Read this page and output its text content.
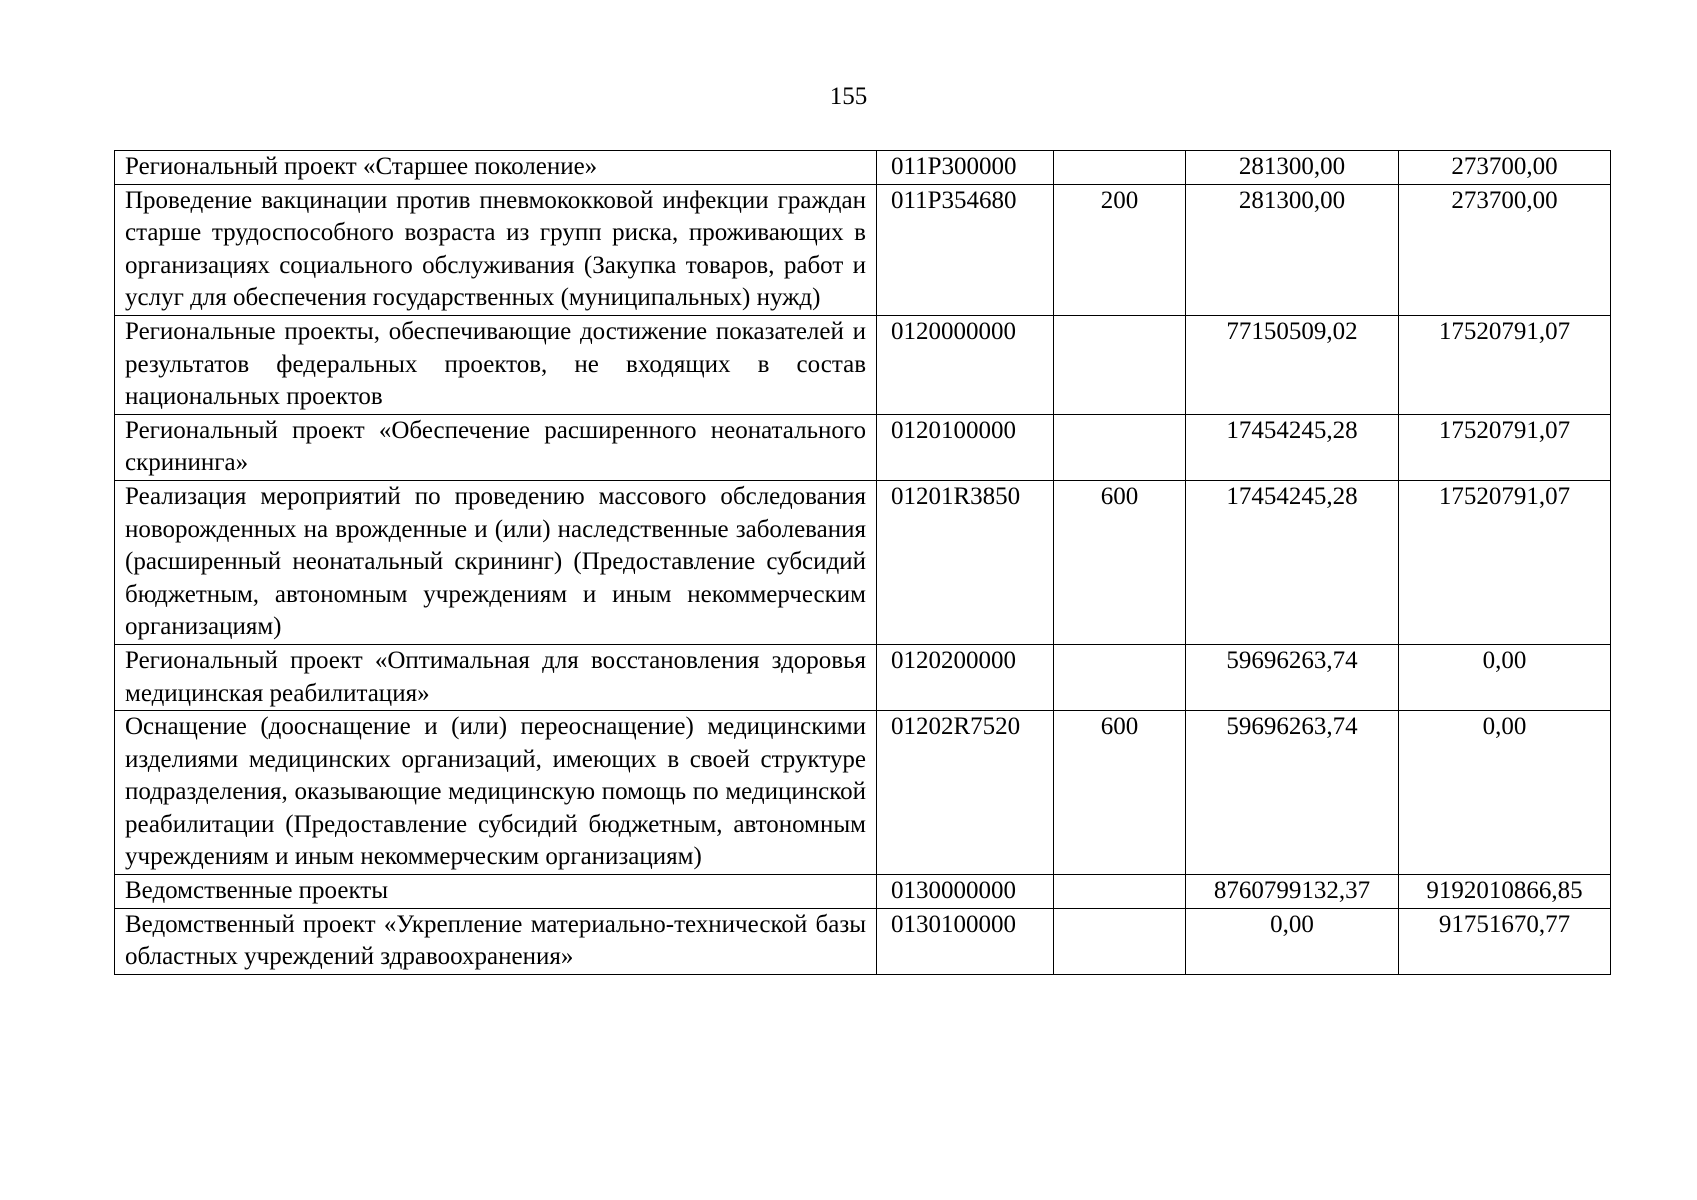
155
Региональный проект «Старшее поколение»	011P300000		281300,00	273700,00
Проведение вакцинации против пневмококковой инфекции граждан старше трудоспособного возраста из групп риска, проживающих в организациях социального обслуживания (Закупка товаров, работ и услуг для обеспечения государственных (муниципальных) нужд)	011P354680	200	281300,00	273700,00
Региональные проекты, обеспечивающие достижение показателей и результатов федеральных проектов, не входящих в состав национальных проектов	0120000000		77150509,02	17520791,07
Региональный проект «Обеспечение расширенного неонатального скрининга»	0120100000		17454245,28	17520791,07
Реализация мероприятий по проведению массового обследования новорожденных на врожденные и (или) наследственные заболевания (расширенный неонатальный скрининг) (Предоставление субсидий бюджетным, автономным учреждениям и иным некоммерческим организациям)	01201R3850	600	17454245,28	17520791,07
Региональный проект «Оптимальная для восстановления здоровья медицинская реабилитация»	0120200000		59696263,74	0,00
Оснащение (дооснащение и (или) переоснащение) медицинскими изделиями медицинских организаций, имеющих в своей структуре подразделения, оказывающие медицинскую помощь по медицинской реабилитации (Предоставление субсидий бюджетным, автономным учреждениям и иным некоммерческим организациям)	01202R7520	600	59696263,74	0,00
Ведомственные проекты	0130000000		8760799132,37	9192010866,85
Ведомственный проект «Укрепление материально-технической базы областных учреждений здравоохранения»	0130100000		0,00	91751670,77
